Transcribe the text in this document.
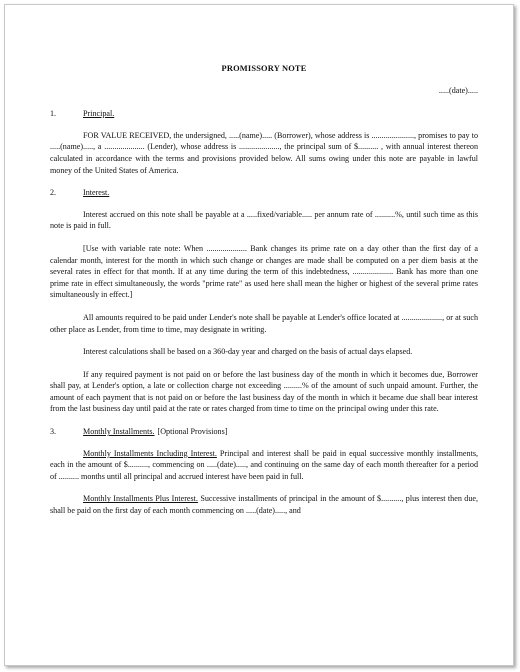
PROMISSORY NOTE
.....(date).....
1.	Principal.

FOR VALUE RECEIVED, the undersigned, .....(name)..... (Borrower), whose address is ....................., promises to pay to .....(name)....., a .................... (Lender), whose address is ...................., the principal sum of $.......... , with annual interest thereon calculated in accordance with the terms and provisions provided below. All sums owing under this note are payable in lawful money of the United States of America.

2.	Interest.

Interest accrued on this note shall be payable at a .....fixed/variable..... per annum rate of ..........%, until such time as this note is paid in full.

[Use with variable rate note: When .................... Bank changes its prime rate on a day other than the first day of a calendar month, interest for the month in which such change or changes are made shall be computed on a per diem basis at the several rates in effect for that month. If at any time during the term of this indebtedness, .................... Bank has more than one prime rate in effect simultaneously, the words "prime rate" as used here shall mean the higher or highest of the several prime rates simultaneously in effect.]

All amounts required to be paid under Lender's note shall be payable at Lender's office located at ...................., or at such other place as Lender, from time to time, may designate in writing.

Interest calculations shall be based on a 360-day year and charged on the basis of actual days elapsed.

If any required payment is not paid on or before the last business day of the month in which it becomes due, Borrower shall pay, at Lender's option, a late or collection charge not exceeding .........% of the amount of such unpaid amount. Further, the amount of each payment that is not paid on or before the last business day of the month in which it became due shall bear interest from the last business day until paid at the rate or rates charged from time to time on the principal owing under this rate.

3.	Monthly Installments. [Optional Provisions]

Monthly Installments Including Interest. Principal and interest shall be paid in equal successive monthly installments, each in the amount of $.........., commencing on .....(date)....., and continuing on the same day of each month thereafter for a period of .......... months until all principal and accrued interest have been paid in full.

Monthly Installments Plus Interest. Successive installments of principal in the amount of $.........., plus interest then due, shall be paid on the first day of each month commencing on .....(date)....., and
